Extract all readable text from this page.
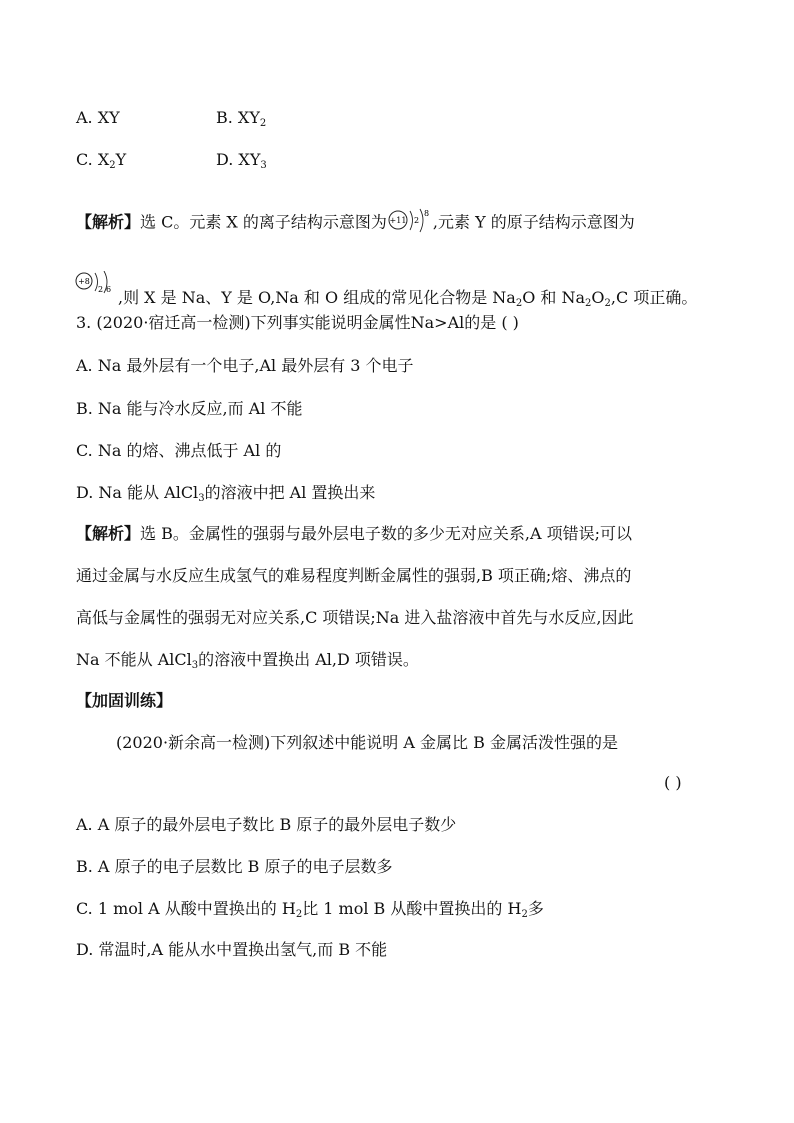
A. XY	B. $XY_2$
C. $X_2Y$	D. $XY_3$
【解析】选 C。元素 X 的离子结构示意图为 +11 2
8 ,元素 Y 的原子结构示意图为
+8
2 6 ,则 X 是 Na、Y 是 O,Na 和 O 组成的常见化合物是 $Na_2O$ 和 $Na_2O_2,C$ 项正确。
3. (2020·宿迁高一检测)下列事实能说明金属性Na>Al的是 ( )
A. Na 最外层有一个电子,Al 最外层有 3 个电子
B. Na 能与冷水反应,而 Al 不能
C. Na 的熔、沸点低于 Al 的
D. Na 能从 AlCl$_3$的溶液中把 Al 置换出来
【解析】选 B。金属性的强弱与最外层电子数的多少无对应关系,A 项错误;可以
通过金属与水反应生成氢气的难易程度判断金属性的强弱,B 项正确;熔、沸点的
高低与金属性的强弱无对应关系,C 项错误;Na 进入盐溶液中首先与水反应,因此
Na 不能从 AlCl$_3$的溶液中置换出 Al,D 项错误。
【加固训练】
(2020·新余高一检测)下列叙述中能说明 A 金属比 B 金属活泼性强的是
( )
A. A 原子的最外层电子数比 B 原子的最外层电子数少
B. A 原子的电子层数比 B 原子的电子层数多
C. 1 mol A 从酸中置换出的 $H_2$比 1 mol B 从酸中置换出的 $H_2$多
D. 常温时,A 能从水中置换出氢气,而 B 不能
